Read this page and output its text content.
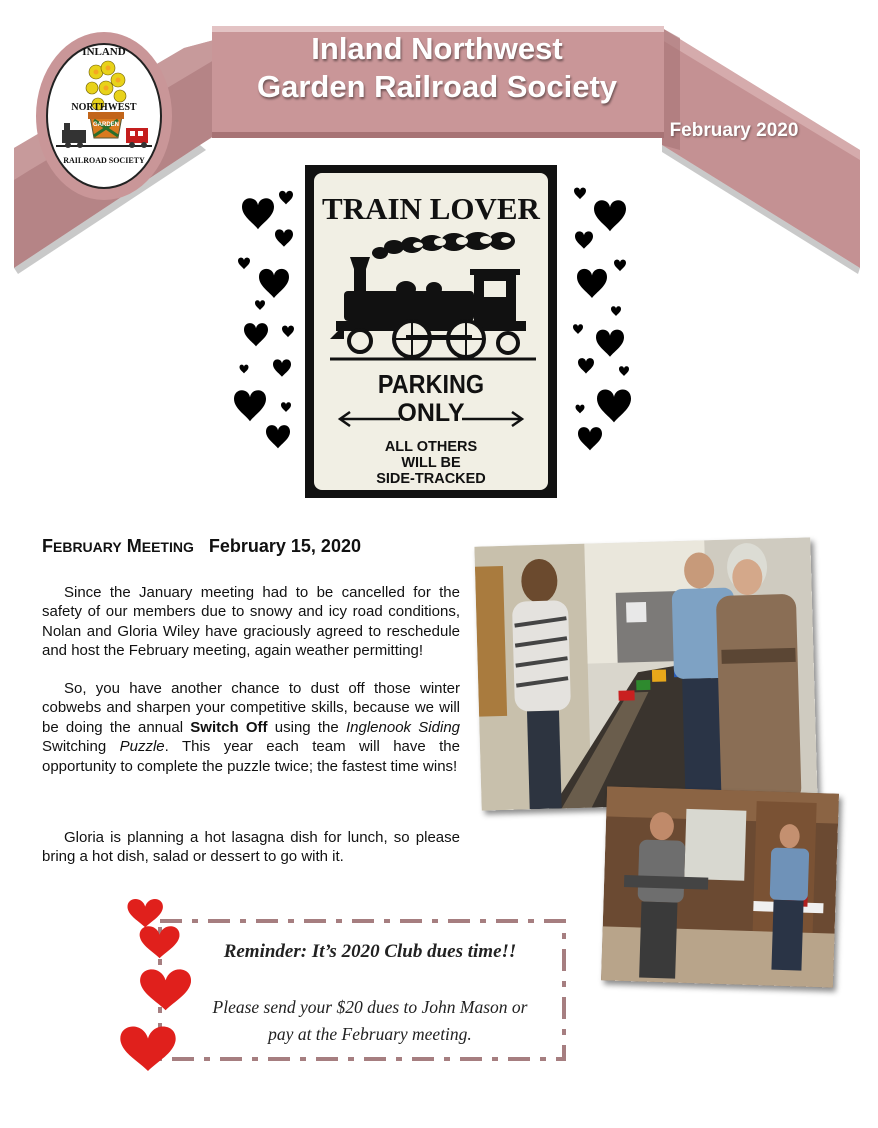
Inland Northwest
Garden Railroad Society
February 2020
INLAND
NORTHWEST
GARDEN
RAILROAD SOCIETY
TRAIN LOVER
PARKING
ONLY
ALL OTHERS
WILL BE
SIDE-TRACKED
FEBRUARY MEETING February 15, 2020

Since the January meeting had to be cancelled for the safety of our members due to snowy and icy road conditions, Nolan and Gloria Wiley have graciously agreed to reschedule and host the February meeting, again weather permitting!

So, you have another chance to dust off those winter cobwebs and sharpen your competitive skills, because we will be doing the annual Switch Off using the Inglenook Siding Switching Puzzle. This year each team will have the opportunity to complete the puzzle twice; the fastest time wins!

Gloria is planning a hot lasagna dish for lunch, so please bring a hot dish, salad or dessert to go with it.

Reminder: It’s 2020 Club dues time!!
Please send your $20 dues to John Mason or
pay at the February meeting.
